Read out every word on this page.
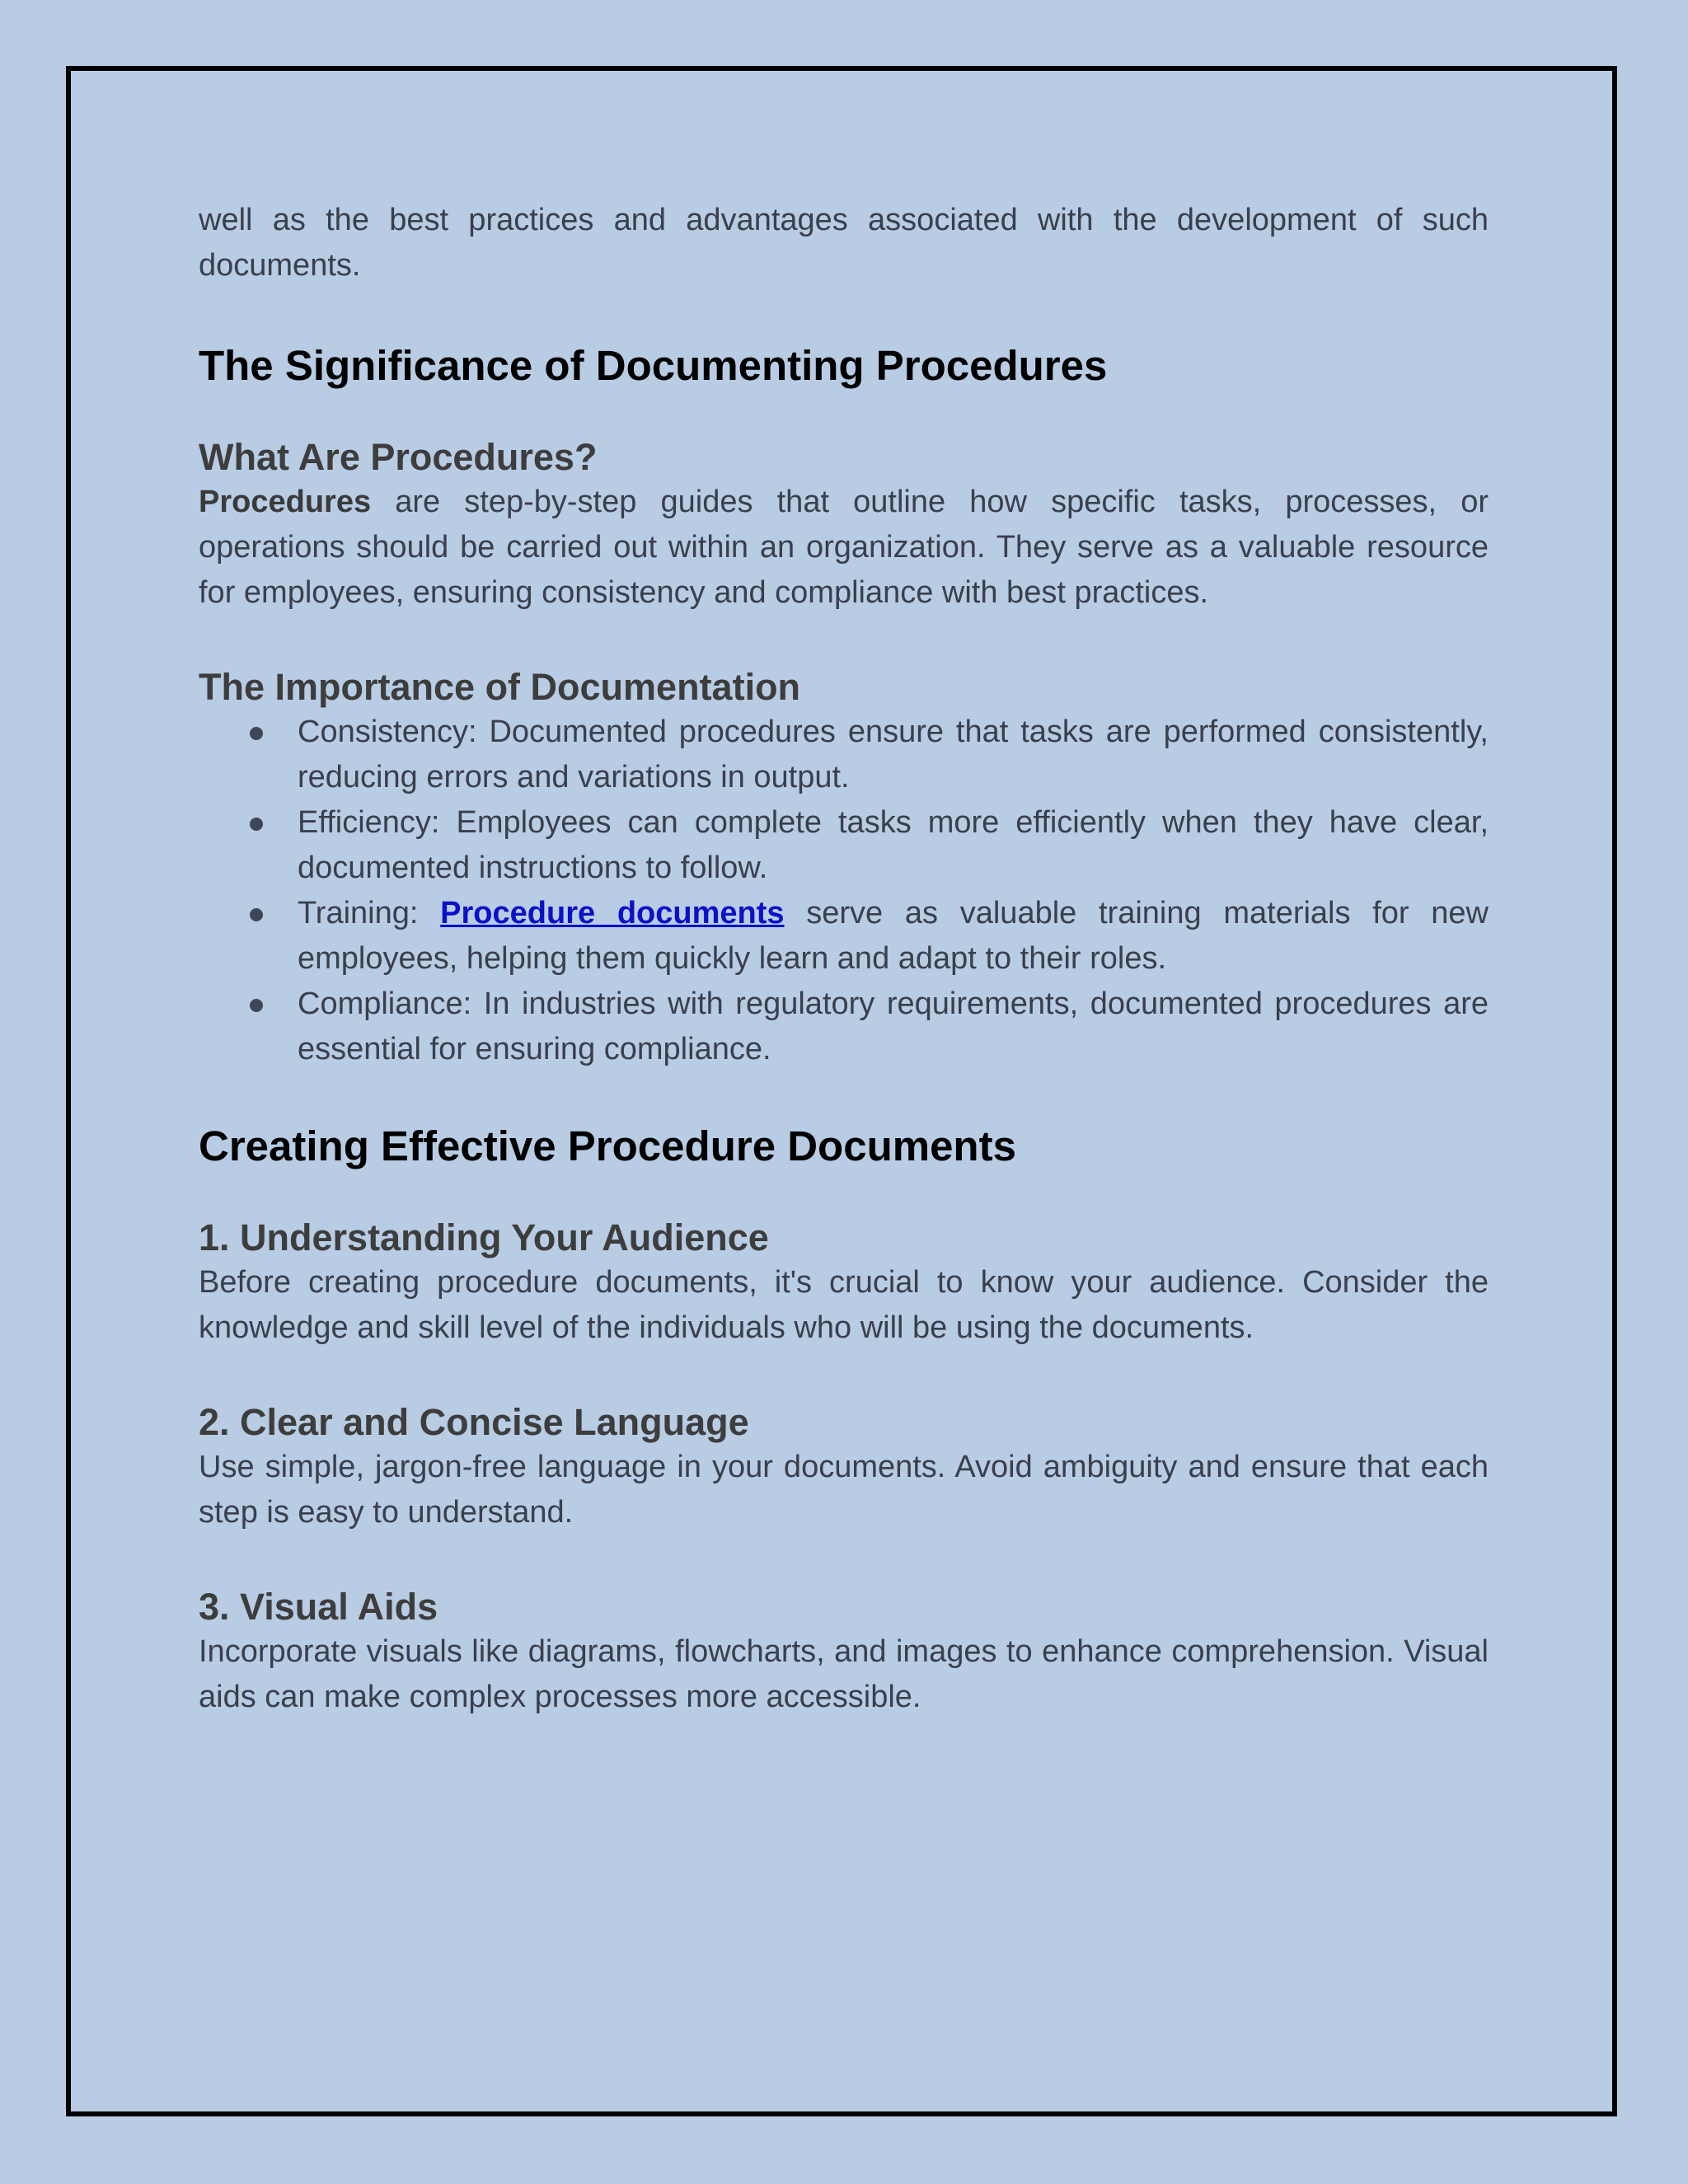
well as the best practices and advantages associated with the development of such documents.

The Significance of Documenting Procedures
What Are Procedures?

Procedures are step-by-step guides that outline how specific tasks, processes, or operations should be carried out within an organization. They serve as a valuable resource for employees, ensuring consistency and compliance with best practices.

The Importance of Documentation
Consistency: Documented procedures ensure that tasks are performed consistently, reducing errors and variations in output.
Efficiency: Employees can complete tasks more efficiently when they have clear, documented instructions to follow.
Training: Procedure documents serve as valuable training materials for new employees, helping them quickly learn and adapt to their roles.
Compliance: In industries with regulatory requirements, documented procedures are essential for ensuring compliance.
Creating Effective Procedure Documents
1. Understanding Your Audience

Before creating procedure documents, it's crucial to know your audience. Consider the knowledge and skill level of the individuals who will be using the documents.

2. Clear and Concise Language

Use simple, jargon-free language in your documents. Avoid ambiguity and ensure that each step is easy to understand.

3. Visual Aids

Incorporate visuals like diagrams, flowcharts, and images to enhance comprehension. Visual aids can make complex processes more accessible.
